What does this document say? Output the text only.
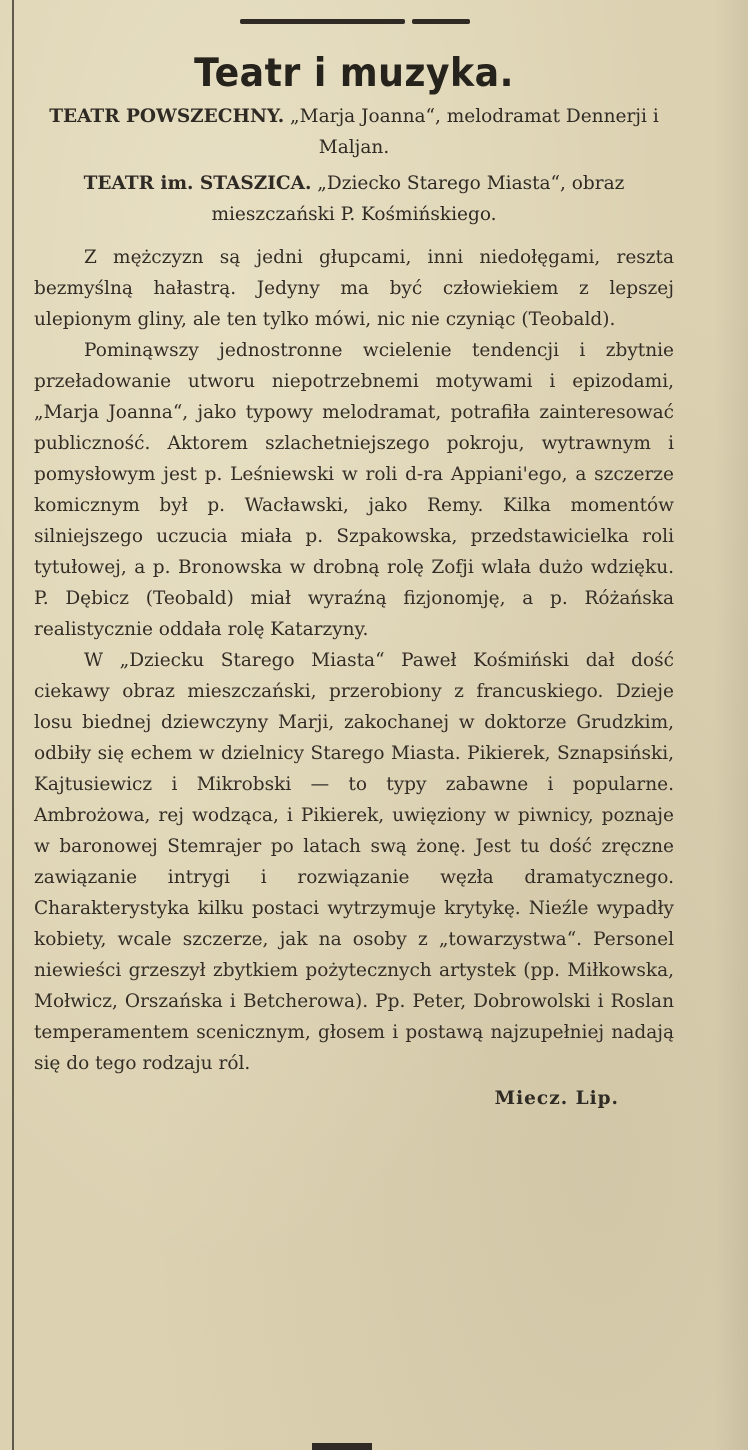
Teatr i muzyka.

TEATR POWSZECHNY. „Marja Joanna“, melodramat Dennerji i Maljan.

TEATR im. STASZICA. „Dziecko Starego Miasta“, obraz mieszczański P. Kośmińskiego.

Z mężczyzn są jedni głupcami, inni niedołęgami, reszta bezmyślną hałastrą. Jedyny ma być człowiekiem z lepszej ulepionym gliny, ale ten tylko mówi, nic nie czyniąc (Teobald).

Pominąwszy jednostronne wcielenie tendencji i zbytnie przeładowanie utworu niepotrzebnemi motywami i epizodami, „Marja Joanna“, jako typowy melodramat, potrafiła zainteresować publiczność. Aktorem szlachetniejszego pokroju, wytrawnym i pomysłowym jest p. Leśniewski w roli d-ra Appiani'ego, a szczerze komicznym był p. Wacławski, jako Remy. Kilka momentów silniejszego uczucia miała p. Szpakowska, przedstawicielka roli tytułowej, a p. Bronowska w drobną rolę Zofji wlała dużo wdzięku. P. Dębicz (Teobald) miał wyraźną fizjonomję, a p. Różańska realistycznie oddała rolę Katarzyny.

W „Dziecku Starego Miasta“ Paweł Kośmiński dał dość ciekawy obraz mieszczański, przerobiony z francuskiego. Dzieje losu biednej dziewczyny Marji, zakochanej w doktorze Grudzkim, odbiły się echem w dzielnicy Starego Miasta. Pikierek, Sznapsiński, Kajtusiewicz i Mikrobski — to typy zabawne i popularne. Ambrożowa, rej wodząca, i Pikierek, uwięziony w piwnicy, poznaje w baronowej Stemrajer po latach swą żonę. Jest tu dość zręczne zawiązanie intrygi i rozwiązanie węzła dramatycznego. Charakterystyka kilku postaci wytrzymuje krytykę. Nieźle wypadły kobiety, wcale szczerze, jak na osoby z „towarzystwa“. Personel niewieści grzeszył zbytkiem pożytecznych artystek (pp. Miłkowska, Mołwicz, Orszańska i Betcherowa). Pp. Peter, Dobrowolski i Roslan temperamentem scenicznym, głosem i postawą najzupełniej nadają się do tego rodzaju ról.

Miecz. Lip.
